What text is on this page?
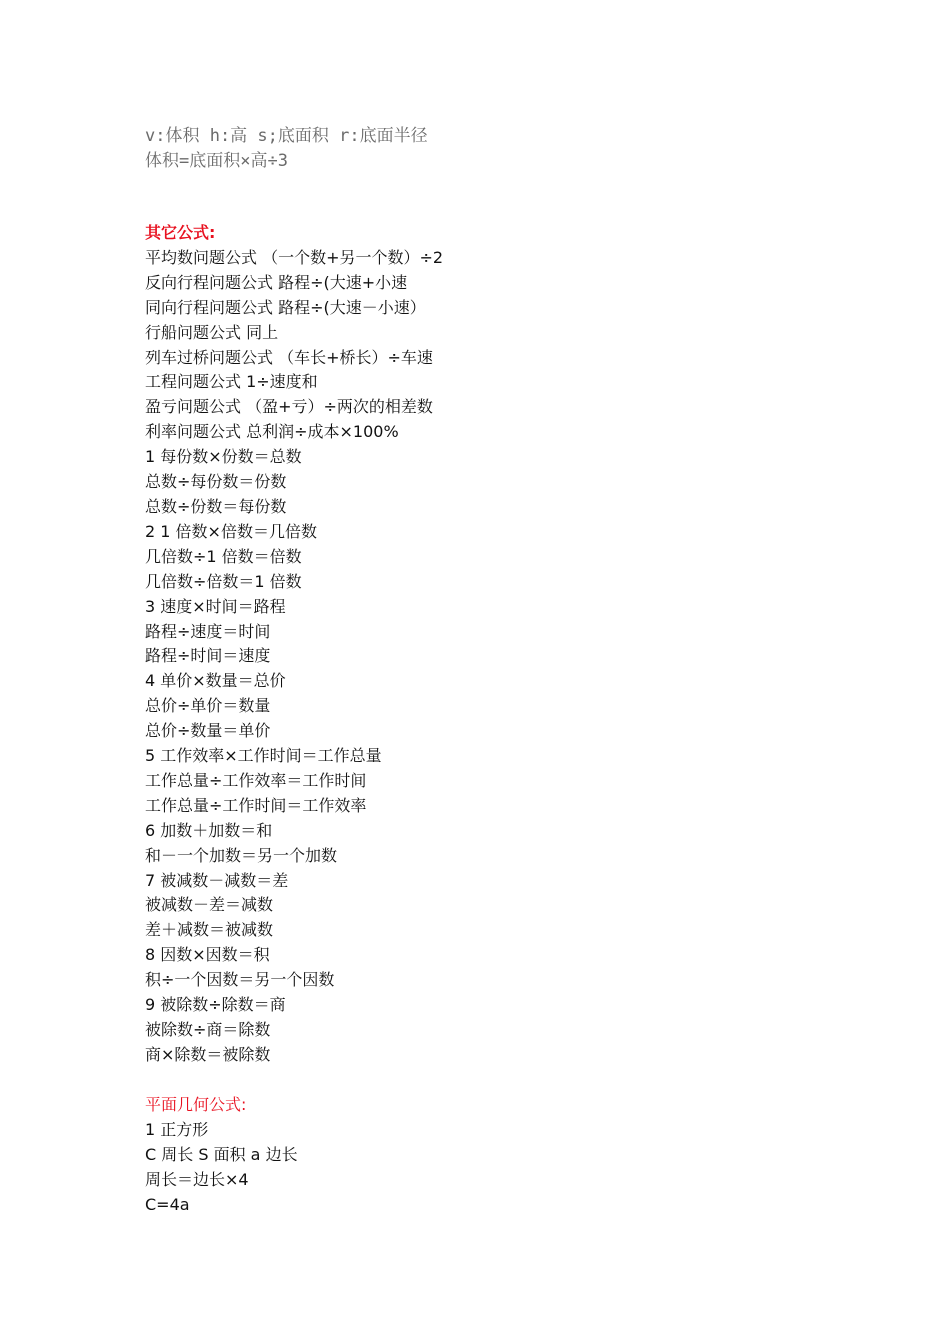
v:体积 h:高 s;底面积 r:底面半径
体积=底面积×高÷3
其它公式:
平均数问题公式 （一个数+另一个数）÷2
反向行程问题公式 路程÷(大速+小速
同向行程问题公式 路程÷(大速－小速）
行船问题公式 同上
列车过桥问题公式 （车长+桥长）÷车速
工程问题公式 1÷速度和
盈亏问题公式 （盈+亏）÷两次的相差数
利率问题公式 总利润÷成本×100%
1 每份数×份数＝总数
总数÷每份数＝份数
总数÷份数＝每份数
2 1 倍数×倍数＝几倍数
几倍数÷1 倍数＝倍数
几倍数÷倍数＝1 倍数
3 速度×时间＝路程
路程÷速度＝时间
路程÷时间＝速度
4 单价×数量＝总价
总价÷单价＝数量
总价÷数量＝单价
5 工作效率×工作时间＝工作总量
工作总量÷工作效率＝工作时间
工作总量÷工作时间＝工作效率
6 加数＋加数＝和
和－一个加数＝另一个加数
7 被减数－减数＝差
被减数－差＝减数
差＋减数＝被减数
8 因数×因数＝积
积÷一个因数＝另一个因数
9 被除数÷除数＝商
被除数÷商＝除数
商×除数＝被除数
平面几何公式:
1 正方形
C 周长 S 面积 a 边长
周长＝边长×4
C=4a
